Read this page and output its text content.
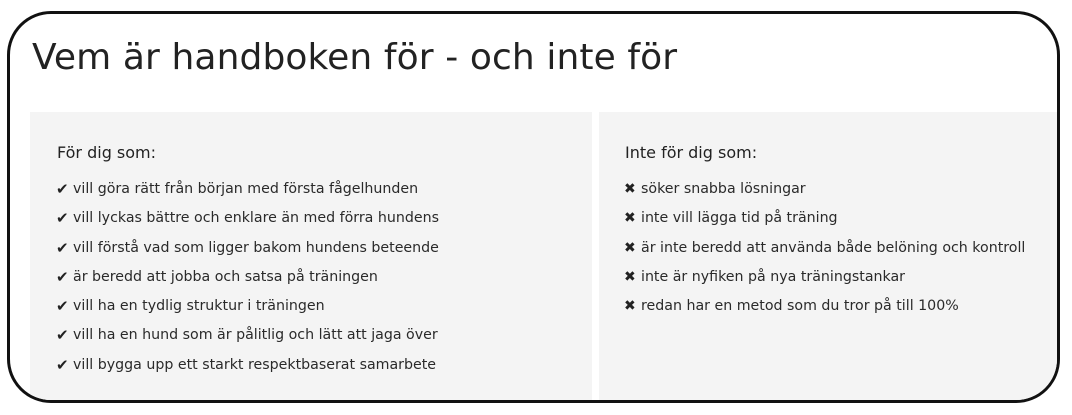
Vem är handboken för - och inte för
För dig som:
✔ vill göra rätt från början med första fågelhunden
✔ vill lyckas bättre och enklare än med förra hundens
✔ vill förstå vad som ligger bakom hundens beteende
✔ är beredd att jobba och satsa på träningen
✔ vill ha en tydlig struktur i träningen
✔ vill ha en hund som är pålitlig och lätt att jaga över
✔ vill bygga upp ett starkt respektbaserat samarbete
Inte för dig som:
✖ söker snabba lösningar
✖ inte vill lägga tid på träning
✖ är inte beredd att använda både belöning och kontroll
✖ inte är nyfiken på nya träningstankar
✖ redan har en metod som du tror på till 100%
